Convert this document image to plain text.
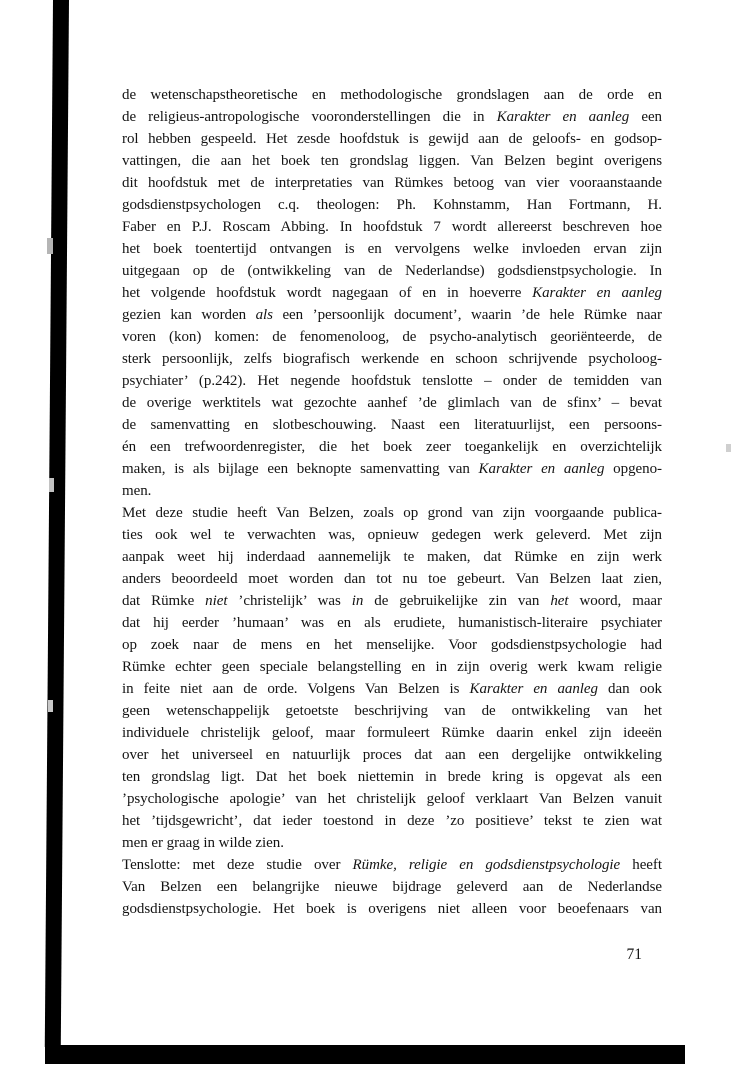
de wetenschapstheoretische en methodologische grondslagen aan de orde en
de religieus-antropologische vooronderstellingen die in Karakter en aanleg een
rol hebben gespeeld. Het zesde hoofdstuk is gewijd aan de geloofs- en godsop-
vattingen, die aan het boek ten grondslag liggen. Van Belzen begint overigens
dit hoofdstuk met de interpretaties van Rümkes betoog van vier vooraanstaande
godsdienstpsychologen c.q. theologen: Ph. Kohnstamm, Han Fortmann, H.
Faber en P.J. Roscam Abbing. In hoofdstuk 7 wordt allereerst beschreven hoe
het boek toentertijd ontvangen is en vervolgens welke invloeden ervan zijn
uitgegaan op de (ontwikkeling van de Nederlandse) godsdienstpsychologie. In
het volgende hoofdstuk wordt nagegaan of en in hoeverre Karakter en aanleg
gezien kan worden als een ’persoonlijk document’, waarin ’de hele Rümke naar
voren (kon) komen: de fenomenoloog, de psycho-analytisch georiënteerde, de
sterk persoonlijk, zelfs biografisch werkende en schoon schrijvende psycholoog-
psychiater’ (p.242). Het negende hoofdstuk tenslotte – onder de temidden van
de overige werktitels wat gezochte aanhef ’de glimlach van de sfinx’ – bevat
de samenvatting en slotbeschouwing. Naast een literatuurlijst, een persoons-
én een trefwoordenregister, die het boek zeer toegankelijk en overzichtelijk
maken, is als bijlage een beknopte samenvatting van Karakter en aanleg opgeno-
men.
Met deze studie heeft Van Belzen, zoals op grond van zijn voorgaande publica-
ties ook wel te verwachten was, opnieuw gedegen werk geleverd. Met zijn
aanpak weet hij inderdaad aannemelijk te maken, dat Rümke en zijn werk
anders beoordeeld moet worden dan tot nu toe gebeurt. Van Belzen laat zien,
dat Rümke niet ’christelijk’ was in de gebruikelijke zin van het woord, maar
dat hij eerder ’humaan’ was en als erudiete, humanistisch-literaire psychiater
op zoek naar de mens en het menselijke. Voor godsdienstpsychologie had
Rümke echter geen speciale belangstelling en in zijn overig werk kwam religie
in feite niet aan de orde. Volgens Van Belzen is Karakter en aanleg dan ook
geen wetenschappelijk getoetste beschrijving van de ontwikkeling van het
individuele christelijk geloof, maar formuleert Rümke daarin enkel zijn ideeën
over het universeel en natuurlijk proces dat aan een dergelijke ontwikkeling
ten grondslag ligt. Dat het boek niettemin in brede kring is opgevat als een
’psychologische apologie’ van het christelijk geloof verklaart Van Belzen vanuit
het ’tijdsgewricht’, dat ieder toestond in deze ’zo positieve’ tekst te zien wat
men er graag in wilde zien.
Tenslotte: met deze studie over Rümke, religie en godsdienstpsychologie heeft
Van Belzen een belangrijke nieuwe bijdrage geleverd aan de Nederlandse
godsdienstpsychologie. Het boek is overigens niet alleen voor beoefenaars van
71
